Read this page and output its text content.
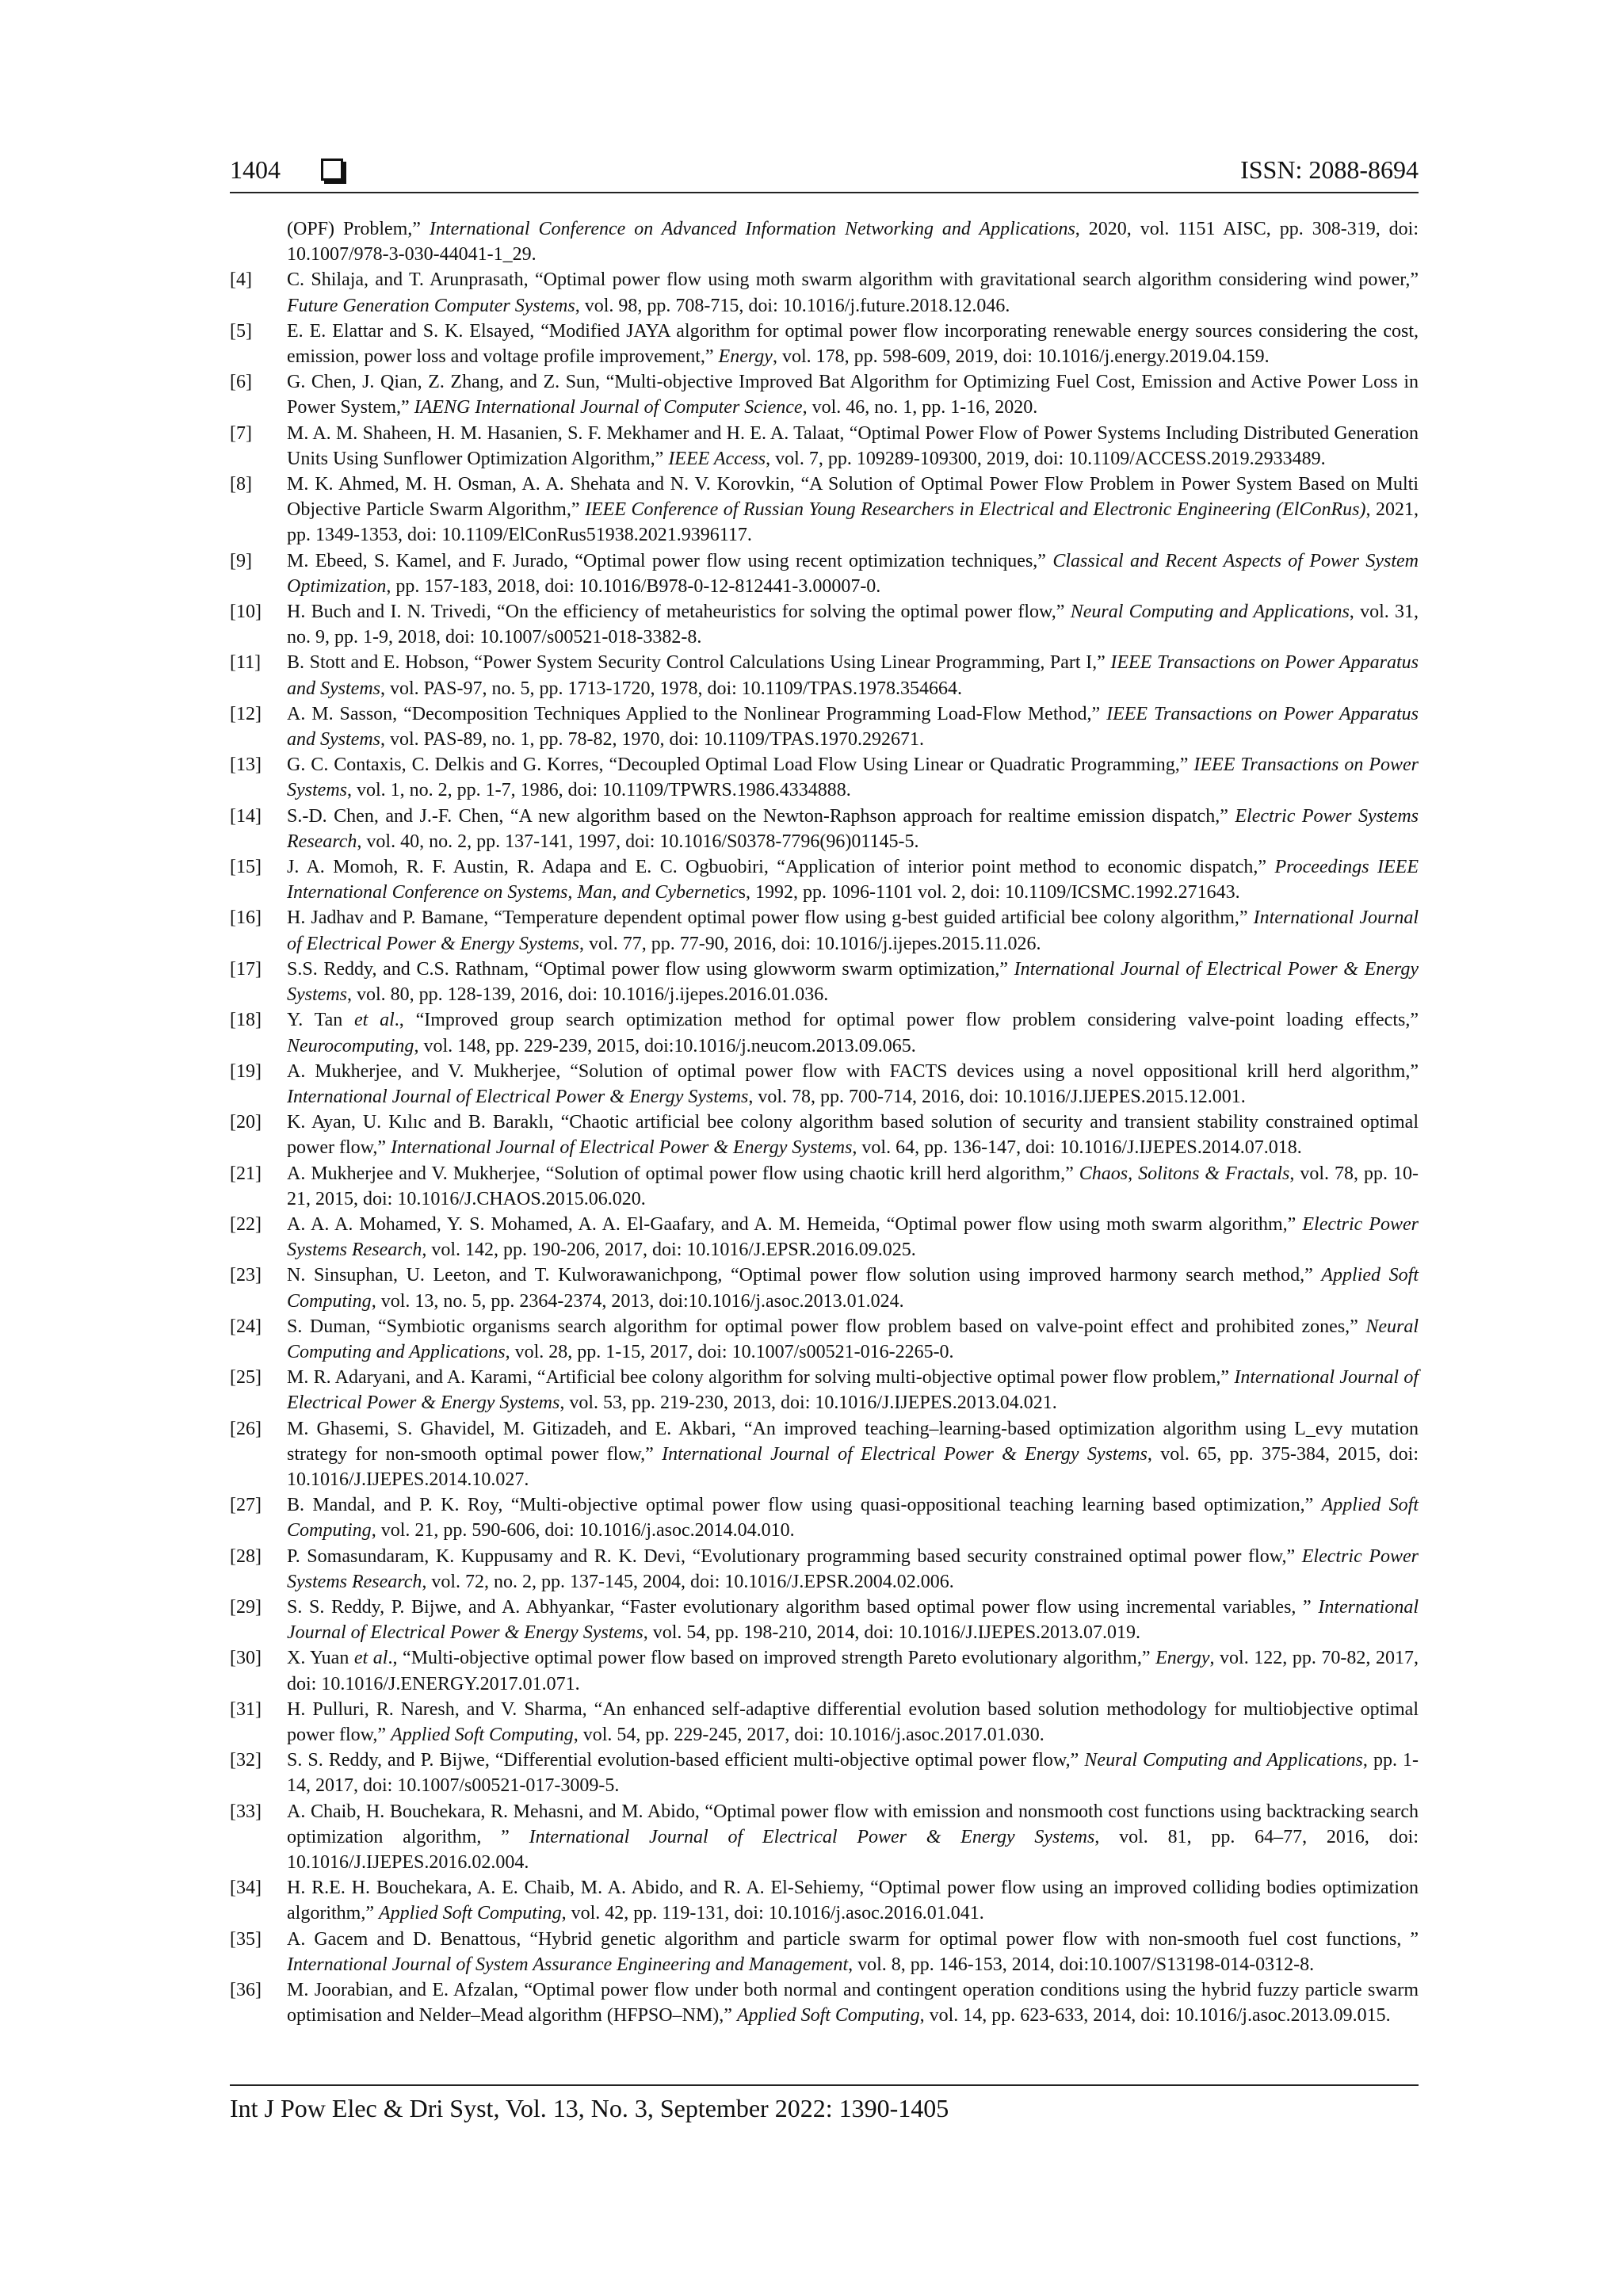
1404	ISSN: 2088-8694
(OPF) Problem,” International Conference on Advanced Information Networking and Applications, 2020, vol. 1151 AISC, pp. 308-319, doi: 10.1007/978-3-030-44041-1_29.
[4] C. Shilaja, and T. Arunprasath, “Optimal power flow using moth swarm algorithm with gravitational search algorithm considering wind power,” Future Generation Computer Systems, vol. 98, pp. 708-715, doi: 10.1016/j.future.2018.12.046.
[5] E. E. Elattar and S. K. Elsayed, “Modified JAYA algorithm for optimal power flow incorporating renewable energy sources considering the cost, emission, power loss and voltage profile improvement,” Energy, vol. 178, pp. 598-609, 2019, doi: 10.1016/j.energy.2019.04.159.
[6] G. Chen, J. Qian, Z. Zhang, and Z. Sun, “Multi-objective Improved Bat Algorithm for Optimizing Fuel Cost, Emission and Active Power Loss in Power System,” IAENG International Journal of Computer Science, vol. 46, no. 1, pp. 1-16, 2020.
[7] M. A. M. Shaheen, H. M. Hasanien, S. F. Mekhamer and H. E. A. Talaat, “Optimal Power Flow of Power Systems Including Distributed Generation Units Using Sunflower Optimization Algorithm,” IEEE Access, vol. 7, pp. 109289-109300, 2019, doi: 10.1109/ACCESS.2019.2933489.
[8] M. K. Ahmed, M. H. Osman, A. A. Shehata and N. V. Korovkin, “A Solution of Optimal Power Flow Problem in Power System Based on Multi Objective Particle Swarm Algorithm,” IEEE Conference of Russian Young Researchers in Electrical and Electronic Engineering (ElConRus), 2021, pp. 1349-1353, doi: 10.1109/ElConRus51938.2021.9396117.
[9] M. Ebeed, S. Kamel, and F. Jurado, “Optimal power flow using recent optimization techniques,” Classical and Recent Aspects of Power System Optimization, pp. 157-183, 2018, doi: 10.1016/B978-0-12-812441-3.00007-0.
[10] H. Buch and I. N. Trivedi, “On the efficiency of metaheuristics for solving the optimal power flow,” Neural Computing and Applications, vol. 31, no. 9, pp. 1-9, 2018, doi: 10.1007/s00521-018-3382-8.
[11] B. Stott and E. Hobson, “Power System Security Control Calculations Using Linear Programming, Part I,” IEEE Transactions on Power Apparatus and Systems, vol. PAS-97, no. 5, pp. 1713-1720, 1978, doi: 10.1109/TPAS.1978.354664.
[12] A. M. Sasson, “Decomposition Techniques Applied to the Nonlinear Programming Load-Flow Method,” IEEE Transactions on Power Apparatus and Systems, vol. PAS-89, no. 1, pp. 78-82, 1970, doi: 10.1109/TPAS.1970.292671.
[13] G. C. Contaxis, C. Delkis and G. Korres, “Decoupled Optimal Load Flow Using Linear or Quadratic Programming,” IEEE Transactions on Power Systems, vol. 1, no. 2, pp. 1-7, 1986, doi: 10.1109/TPWRS.1986.4334888.
[14] S.-D. Chen, and J.-F. Chen, “A new algorithm based on the Newton-Raphson approach for realtime emission dispatch,” Electric Power Systems Research, vol. 40, no. 2, pp. 137-141, 1997, doi: 10.1016/S0378-7796(96)01145-5.
[15] J. A. Momoh, R. F. Austin, R. Adapa and E. C. Ogbuobiri, “Application of interior point method to economic dispatch,” Proceedings IEEE International Conference on Systems, Man, and Cybernetics, 1992, pp. 1096-1101 vol. 2, doi: 10.1109/ICSMC.1992.271643.
[16] H. Jadhav and P. Bamane, “Temperature dependent optimal power flow using g-best guided artificial bee colony algorithm,” International Journal of Electrical Power & Energy Systems, vol. 77, pp. 77-90, 2016, doi: 10.1016/j.ijepes.2015.11.026.
[17] S.S. Reddy, and C.S. Rathnam, “Optimal power flow using glowworm swarm optimization,” International Journal of Electrical Power & Energy Systems, vol. 80, pp. 128-139, 2016, doi: 10.1016/j.ijepes.2016.01.036.
[18] Y. Tan et al., “Improved group search optimization method for optimal power flow problem considering valve-point loading effects,” Neurocomputing, vol. 148, pp. 229-239, 2015, doi:10.1016/j.neucom.2013.09.065.
[19] A. Mukherjee, and V. Mukherjee, “Solution of optimal power flow with FACTS devices using a novel oppositional krill herd algorithm,” International Journal of Electrical Power & Energy Systems, vol. 78, pp. 700-714, 2016, doi: 10.1016/J.IJEPES.2015.12.001.
[20] K. Ayan, U. Kılıc and B. Baraklı, “Chaotic artificial bee colony algorithm based solution of security and transient stability constrained optimal power flow,” International Journal of Electrical Power & Energy Systems, vol. 64, pp. 136-147, doi: 10.1016/J.IJEPES.2014.07.018.
[21] A. Mukherjee and V. Mukherjee, “Solution of optimal power flow using chaotic krill herd algorithm,” Chaos, Solitons & Fractals, vol. 78, pp. 10-21, 2015, doi: 10.1016/J.CHAOS.2015.06.020.
[22] A. A. A. Mohamed, Y. S. Mohamed, A. A. El-Gaafary, and A. M. Hemeida, “Optimal power flow using moth swarm algorithm,” Electric Power Systems Research, vol. 142, pp. 190-206, 2017, doi: 10.1016/J.EPSR.2016.09.025.
[23] N. Sinsuphan, U. Leeton, and T. Kulworawanichpong, “Optimal power flow solution using improved harmony search method,” Applied Soft Computing, vol. 13, no. 5, pp. 2364-2374, 2013, doi:10.1016/j.asoc.2013.01.024.
[24] S. Duman, “Symbiotic organisms search algorithm for optimal power flow problem based on valve-point effect and prohibited zones,” Neural Computing and Applications, vol. 28, pp. 1-15, 2017, doi: 10.1007/s00521-016-2265-0.
[25] M. R. Adaryani, and A. Karami, “Artificial bee colony algorithm for solving multi-objective optimal power flow problem,” International Journal of Electrical Power & Energy Systems, vol. 53, pp. 219-230, 2013, doi: 10.1016/J.IJEPES.2013.04.021.
[26] M. Ghasemi, S. Ghavidel, M. Gitizadeh, and E. Akbari, “An improved teaching–learning-based optimization algorithm using L_evy mutation strategy for non-smooth optimal power flow,” International Journal of Electrical Power & Energy Systems, vol. 65, pp. 375-384, 2015, doi: 10.1016/J.IJEPES.2014.10.027.
[27] B. Mandal, and P. K. Roy, “Multi-objective optimal power flow using quasi-oppositional teaching learning based optimization,” Applied Soft Computing, vol. 21, pp. 590-606, doi: 10.1016/j.asoc.2014.04.010.
[28] P. Somasundaram, K. Kuppusamy and R. K. Devi, “Evolutionary programming based security constrained optimal power flow,” Electric Power Systems Research, vol. 72, no. 2, pp. 137-145, 2004, doi: 10.1016/J.EPSR.2004.02.006.
[29] S. S. Reddy, P. Bijwe, and A. Abhyankar, “Faster evolutionary algorithm based optimal power flow using incremental variables, ” International Journal of Electrical Power & Energy Systems, vol. 54, pp. 198-210, 2014, doi: 10.1016/J.IJEPES.2013.07.019.
[30] X. Yuan et al., “Multi-objective optimal power flow based on improved strength Pareto evolutionary algorithm,” Energy, vol. 122, pp. 70-82, 2017, doi: 10.1016/J.ENERGY.2017.01.071.
[31] H. Pulluri, R. Naresh, and V. Sharma, “An enhanced self-adaptive differential evolution based solution methodology for multiobjective optimal power flow,” Applied Soft Computing, vol. 54, pp. 229-245, 2017, doi: 10.1016/j.asoc.2017.01.030.
[32] S. S. Reddy, and P. Bijwe, “Differential evolution-based efficient multi-objective optimal power flow,” Neural Computing and Applications, pp. 1-14, 2017, doi: 10.1007/s00521-017-3009-5.
[33] A. Chaib, H. Bouchekara, R. Mehasni, and M. Abido, “Optimal power flow with emission and nonsmooth cost functions using backtracking search optimization algorithm, ” International Journal of Electrical Power & Energy Systems, vol. 81, pp. 64–77, 2016, doi: 10.1016/J.IJEPES.2016.02.004.
[34] H. R.E. H. Bouchekara, A. E. Chaib, M. A. Abido, and R. A. El-Sehiemy, “Optimal power flow using an improved colliding bodies optimization algorithm,” Applied Soft Computing, vol. 42, pp. 119-131, doi: 10.1016/j.asoc.2016.01.041.
[35] A. Gacem and D. Benattous, “Hybrid genetic algorithm and particle swarm for optimal power flow with non-smooth fuel cost functions, ” International Journal of System Assurance Engineering and Management, vol. 8, pp. 146-153, 2014, doi:10.1007/S13198-014-0312-8.
[36] M. Joorabian, and E. Afzalan, “Optimal power flow under both normal and contingent operation conditions using the hybrid fuzzy particle swarm optimisation and Nelder–Mead algorithm (HFPSO–NM),” Applied Soft Computing, vol. 14, pp. 623-633, 2014, doi: 10.1016/j.asoc.2013.09.015.
Int J Pow Elec & Dri Syst, Vol. 13, No. 3, September 2022: 1390-1405
